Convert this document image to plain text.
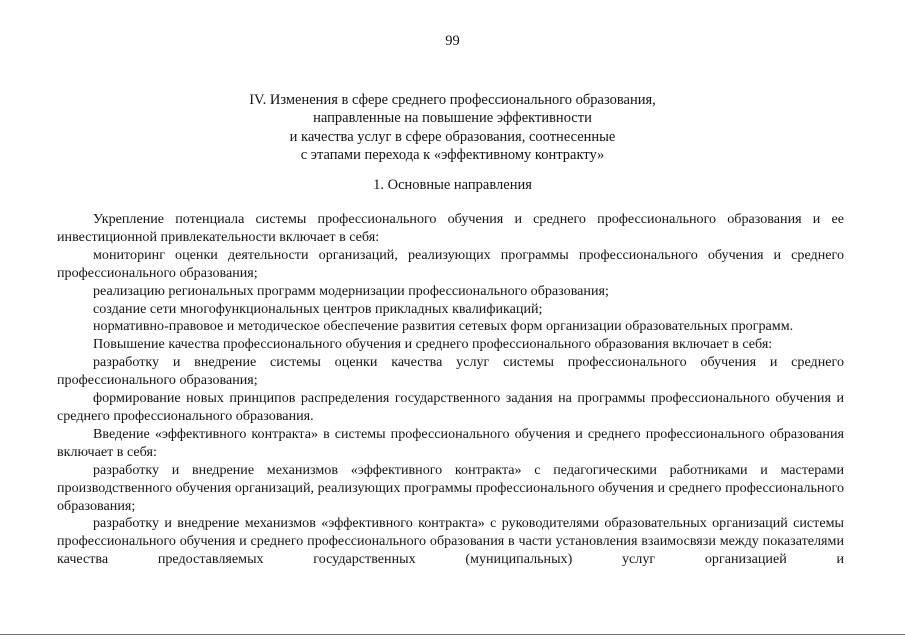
99
IV. Изменения в сфере среднего профессионального образования,
направленные на повышение эффективности
и качества услуг в сфере образования, соотнесенные
с этапами перехода к «эффективному контракту»
1. Основные направления

Укрепление потенциала системы профессионального обучения и среднего профессионального образования и ее инвестиционной привлекательности включает в себя:

мониторинг оценки деятельности организаций, реализующих программы профессионального обучения и среднего профессионального образования;

реализацию региональных программ модернизации профессионального образования;

создание сети многофункциональных центров прикладных квалификаций;

нормативно-правовое и методическое обеспечение развития сетевых форм организации образовательных программ.

Повышение качества профессионального обучения и среднего профессионального образования включает в себя:

разработку и внедрение системы оценки качества услуг системы профессионального обучения и среднего профессионального образования;

формирование новых принципов распределения государственного задания на программы профессионального обучения и среднего профессионального образования.

Введение «эффективного контракта» в системы профессионального обучения и среднего профессионального образования включает в себя:

разработку и внедрение механизмов «эффективного контракта» с педагогическими работниками и мастерами производственного обучения организаций, реализующих программы профессионального обучения и среднего профессионального образования;

разработку и внедрение механизмов «эффективного контракта» с руководителями образовательных организаций системы профессионального обучения и среднего профессионального образования в части установления взаимосвязи между показателями качества предоставляемых государственных (муниципальных) услуг организацией и
